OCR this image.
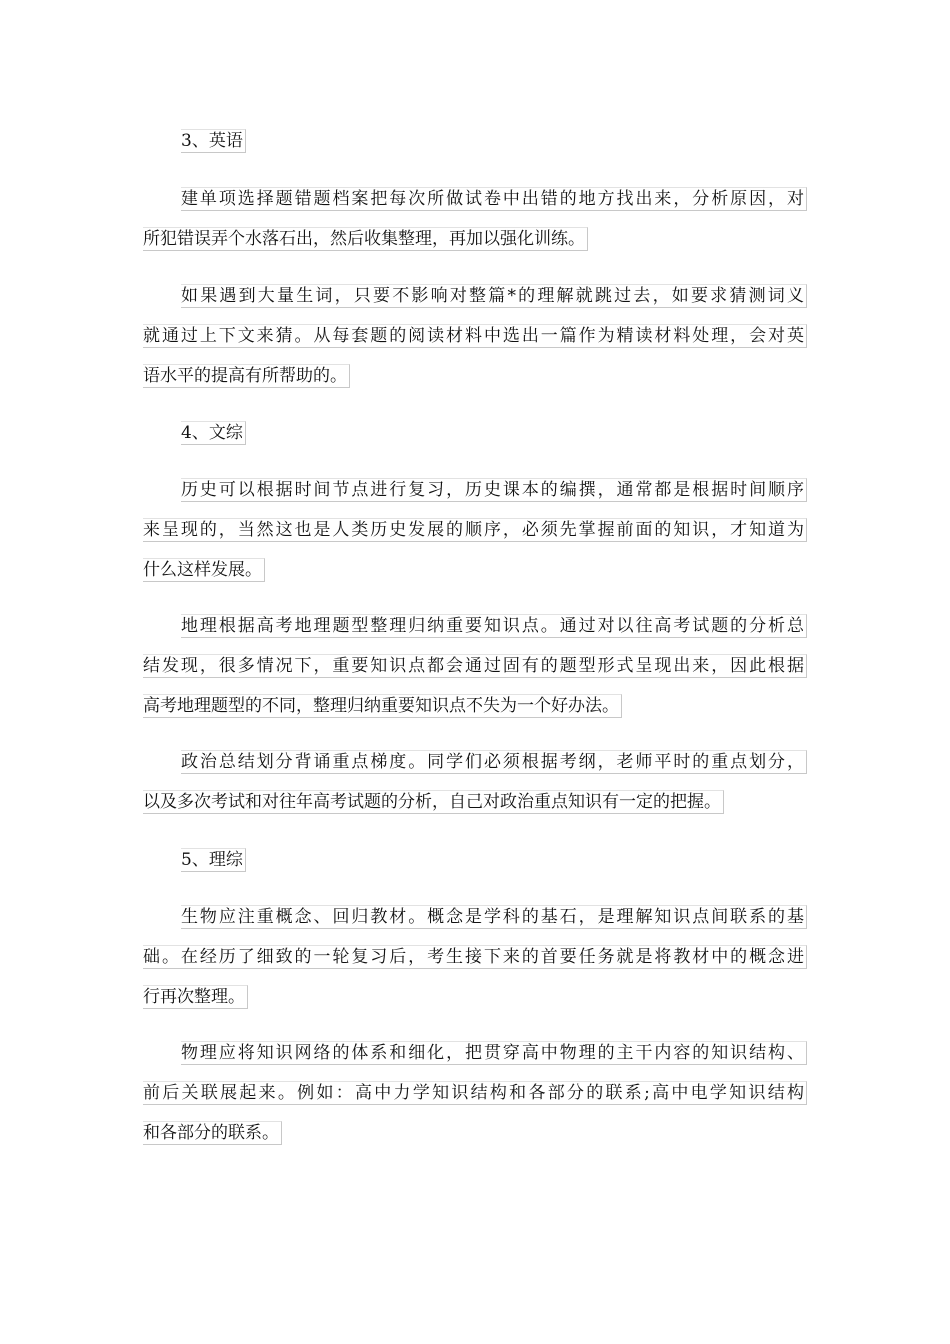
3、英语
建单项选择题错题档案把每次所做试卷中出错的地方找出来，分析原因，对
所犯错误弄个水落石出，然后收集整理，再加以强化训练。
如果遇到大量生词，只要不影响对整篇*的理解就跳过去，如要求猜测词义
就通过上下文来猜。从每套题的阅读材料中选出一篇作为精读材料处理，会对英
语水平的提高有所帮助的。
4、文综
历史可以根据时间节点进行复习，历史课本的编撰，通常都是根据时间顺序
来呈现的，当然这也是人类历史发展的顺序，必须先掌握前面的知识，才知道为
什么这样发展。
地理根据高考地理题型整理归纳重要知识点。通过对以往高考试题的分析总
结发现，很多情况下，重要知识点都会通过固有的题型形式呈现出来，因此根据
高考地理题型的不同，整理归纳重要知识点不失为一个好办法。
政治总结划分背诵重点梯度。同学们必须根据考纲，老师平时的重点划分，
以及多次考试和对往年高考试题的分析，自己对政治重点知识有一定的把握。
5、理综
生物应注重概念、回归教材。概念是学科的基石，是理解知识点间联系的基
础。在经历了细致的一轮复习后，考生接下来的首要任务就是将教材中的概念进
行再次整理。
物理应将知识网络的体系和细化，把贯穿高中物理的主干内容的知识结构、
前后关联展起来。例如：高中力学知识结构和各部分的联系;高中电学知识结构
和各部分的联系。
